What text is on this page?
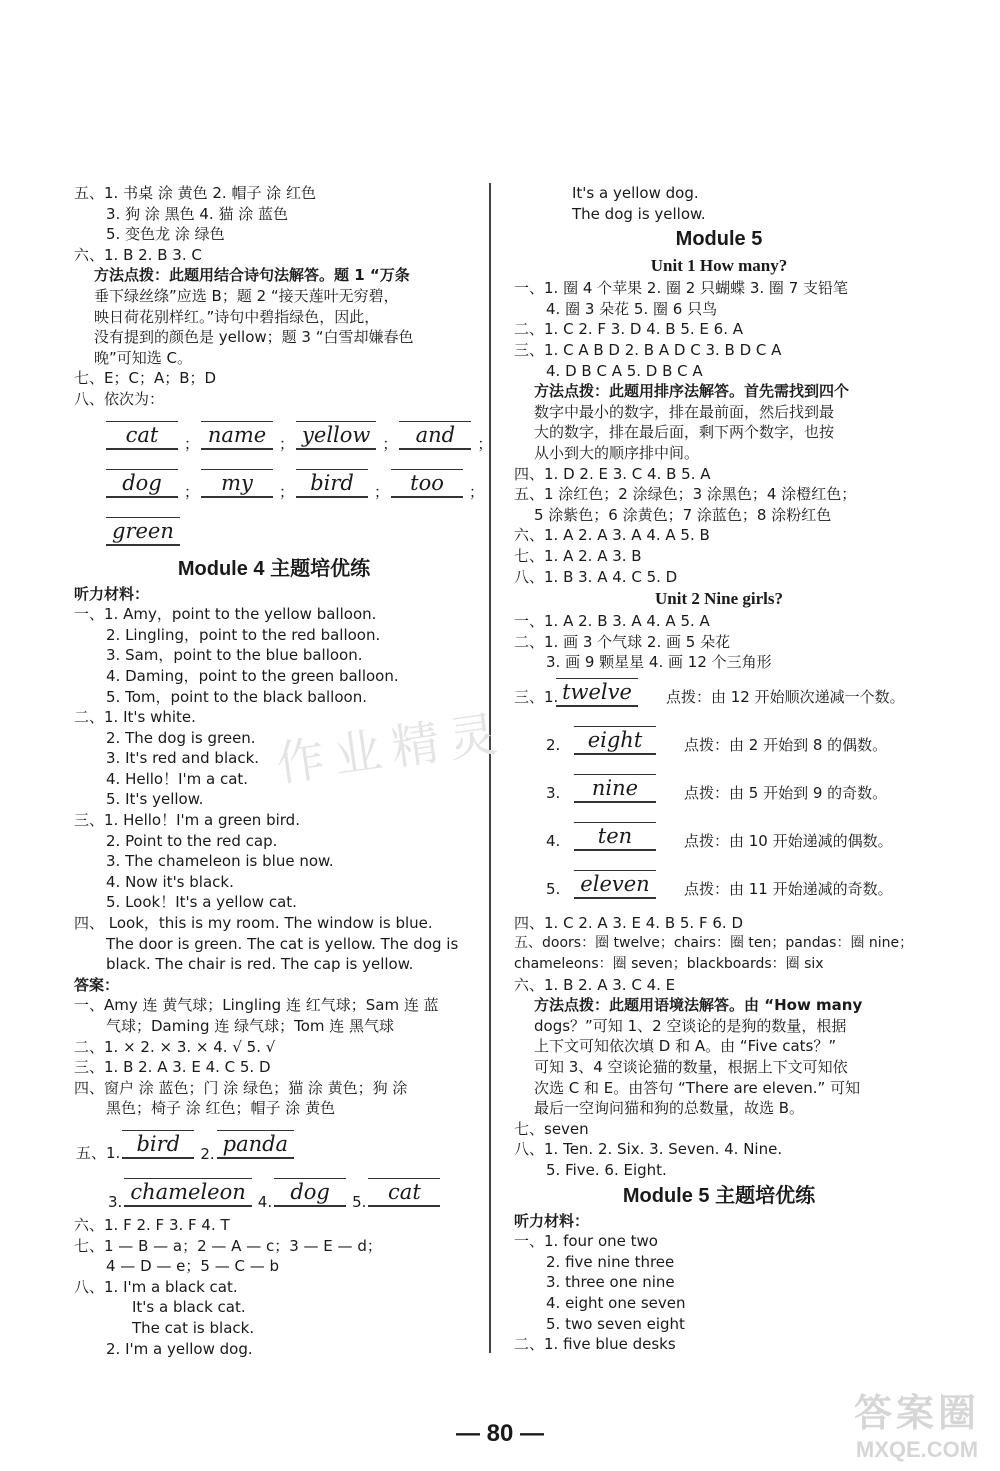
五、1. 书桌 涂 黄色 2. 帽子 涂 红色
3. 狗 涂 黑色 4. 猫 涂 蓝色
5. 变色龙 涂 绿色
六、1. B 2. B 3. C
方法点拨：此题用结合诗句法解答。题 1 “万条
垂下绿丝绦”应选 B；题 2 “接天莲叶无穷碧，
映日荷花别样红。”诗句中碧指绿色，因此，
没有提到的颜色是 yellow；题 3 “白雪却嫌春色
晚”可知选 C。
七、E；C；A；B；D
八、依次为：
cat	； name ； yellow ； and	；
dog	；	my	； bird	；	too	；
green
Module 4 主题培优练
听力材料：
一、1. Amy，point to the yellow balloon.
2. Lingling，point to the red balloon.
3. Sam，point to the blue balloon.
4. Daming，point to the green balloon.
5. Tom，point to the black balloon.
二、1. It's white.
2. The dog is green.
3. It's red and black.
4. Hello！I'm a cat.
5. It's yellow.
三、1. Hello！I'm a green bird.
2. Point to the red cap.
3. The chameleon is blue now.
4. Now it's black.
5. Look！It's a yellow cat.
四、 Look，this is my room. The window is blue.
The door is green. The cat is yellow. The dog is
black. The chair is red. The cap is yellow.
答案：
一、Amy 连 黄气球；Lingling 连 红气球；Sam 连 蓝
气球；Daming 连 绿气球；Tom 连 黑气球
二、1. × 2. × 3. × 4. √ 5. √
三、1. B 2. A 3. E 4. C 5. D
四、窗户 涂 蓝色；门 涂 绿色；猫 涂 黄色；狗 涂
黑色；椅子 涂 红色；帽子 涂 黄色
五、1. bird	2. panda
3. chameleon 4. dog	5.	cat
六、1. F 2. F 3. F 4. T
七、1 — B — a；2 — A — c；3 — E — d；
4 — D — e；5 — C — b
八、1. I'm a black cat.
It's a black cat.
The cat is black.
2. I'm a yellow dog.
It's a yellow dog.
The dog is yellow.
Module 5
Unit 1 How many?
一、1. 圈 4 个苹果 2. 圈 2 只蝴蝶 3. 圈 7 支铅笔
4. 圈 3 朵花 5. 圈 6 只鸟
二、1. C 2. F 3. D 4. B 5. E 6. A
三、1. C A B D 2. B A D C 3. B D C A
4. D B C A 5. D B C A
方法点拨：此题用排序法解答。首先需找到四个
数字中最小的数字，排在最前面，然后找到最
大的数字，排在最后面，剩下两个数字，也按
从小到大的顺序排中间。
四、1. D 2. E 3. C 4. B 5. A
五、1 涂红色；2 涂绿色；3 涂黑色；4 涂橙红色；
5 涂紫色；6 涂黄色；7 涂蓝色；8 涂粉红色
六、1. A 2. A 3. A 4. A 5. B
七、1. A 2. A 3. B
八、1. B 3. A 4. C 5. D
Unit 2 Nine girls?
一、1. A 2. B 3. A 4. A 5. A
二、1. 画 3 个气球 2. 画 5 朵花
3. 画 9 颗星星 4. 画 12 个三角形
三、1. twelve	点拨：由 12 开始顺次递减一个数。
2.	eight	点拨：由 2 开始到 8 的偶数。
3.	nine	点拨：由 5 开始到 9 的奇数。
4.	ten	点拨：由 10 开始递减的偶数。
5. eleven	点拨：由 11 开始递减的奇数。
四、1. C 2. A 3. E 4. B 5. F 6. D
五、doors：圈 twelve；chairs：圈 ten；pandas：圈 nine；
chameleons：圈 seven；blackboards：圈 six
六、1. B 2. A 3. C 4. E
方法点拨：此题用语境法解答。由 “How many
dogs？”可知 1、2 空谈论的是狗的数量，根据
上下文可知依次填 D 和 A。由 “Five cats？”
可知 3、4 空谈论猫的数量，根据上下文可知依
次选 C 和 E。由答句 “There are eleven.” 可知
最后一空询问猫和狗的总数量，故选 B。
七、seven
八、1. Ten. 2. Six. 3. Seven. 4. Nine.
5. Five. 6. Eight.
Module 5 主题培优练
听力材料：
一、1. four one two
2. five nine three
3. three one nine
4. eight one seven
5. two seven eight
二、1. five blue desks
作业精灵
— 80 —	答案圈
MXQE.COM
